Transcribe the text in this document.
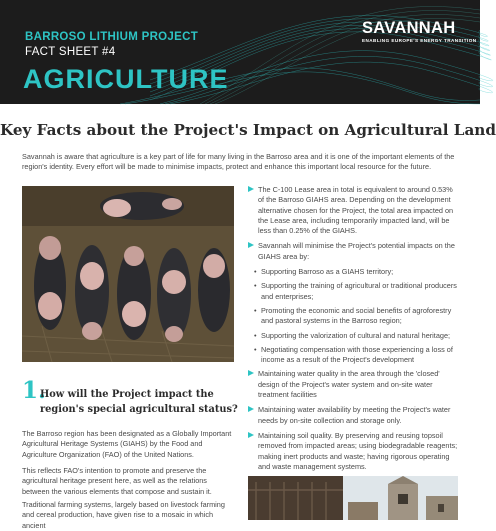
BARROSO LITHIUM PROJECT
FACT SHEET #4
AGRICULTURE
SAVANNAH
ENABLING EUROPE'S ENERGY TRANSITION
Key Facts about the Project's Impact on Agricultural Land
Savannah is aware that agriculture is a key part of life for many living in the Barroso area and it is one of the important elements of the region's identity. Every effort will be made to minimise impacts, protect and enhance this important local resource for the future.
1.
How will the Project impact the region's special agricultural status?
The Barroso region has been designated as a Globally Important Agricultural Heritage Systems (GIAHS) by the Food and Agriculture Organization (FAO) of the United Nations.
This reflects FAO's intention to promote and preserve the agricultural heritage present here, as well as the relations between the various elements that compose and sustain it.
Traditional farming systems, largely based on livestock farming and cereal production, have given rise to a mosaic in which ancient
The C-100 Lease area in total is equivalent to around 0.53% of the Barroso GIAHS area. Depending on the development alternative chosen for the Project, the total area impacted on the Lease area, including temporarily impacted land, will be less than 0.25% of the GIAHS.
Savannah will minimise the Project's potential impacts on the GIAHS area by:
• Supporting Barroso as a GIAHS territory;
• Supporting the training of agricultural or traditional producers and enterprises;
• Promoting the economic and social benefits of agroforestry and pastoral systems in the Barroso region;
• Supporting the valorization of cultural and natural heritage;
• Negotiating compensation with those experiencing a loss of income as a result of the Project's development
Maintaining water quality in the area through the 'closed' design of the Project's water system and on-site water treatment facilities
Maintaining water availability by meeting the Project's water needs by on-site collection and storage only.
Maintaining soil quality. By preserving and reusing topsoil removed from impacted areas; using biodegradable reagents; making inert products and waste; having rigorous operating and waste management systems.
